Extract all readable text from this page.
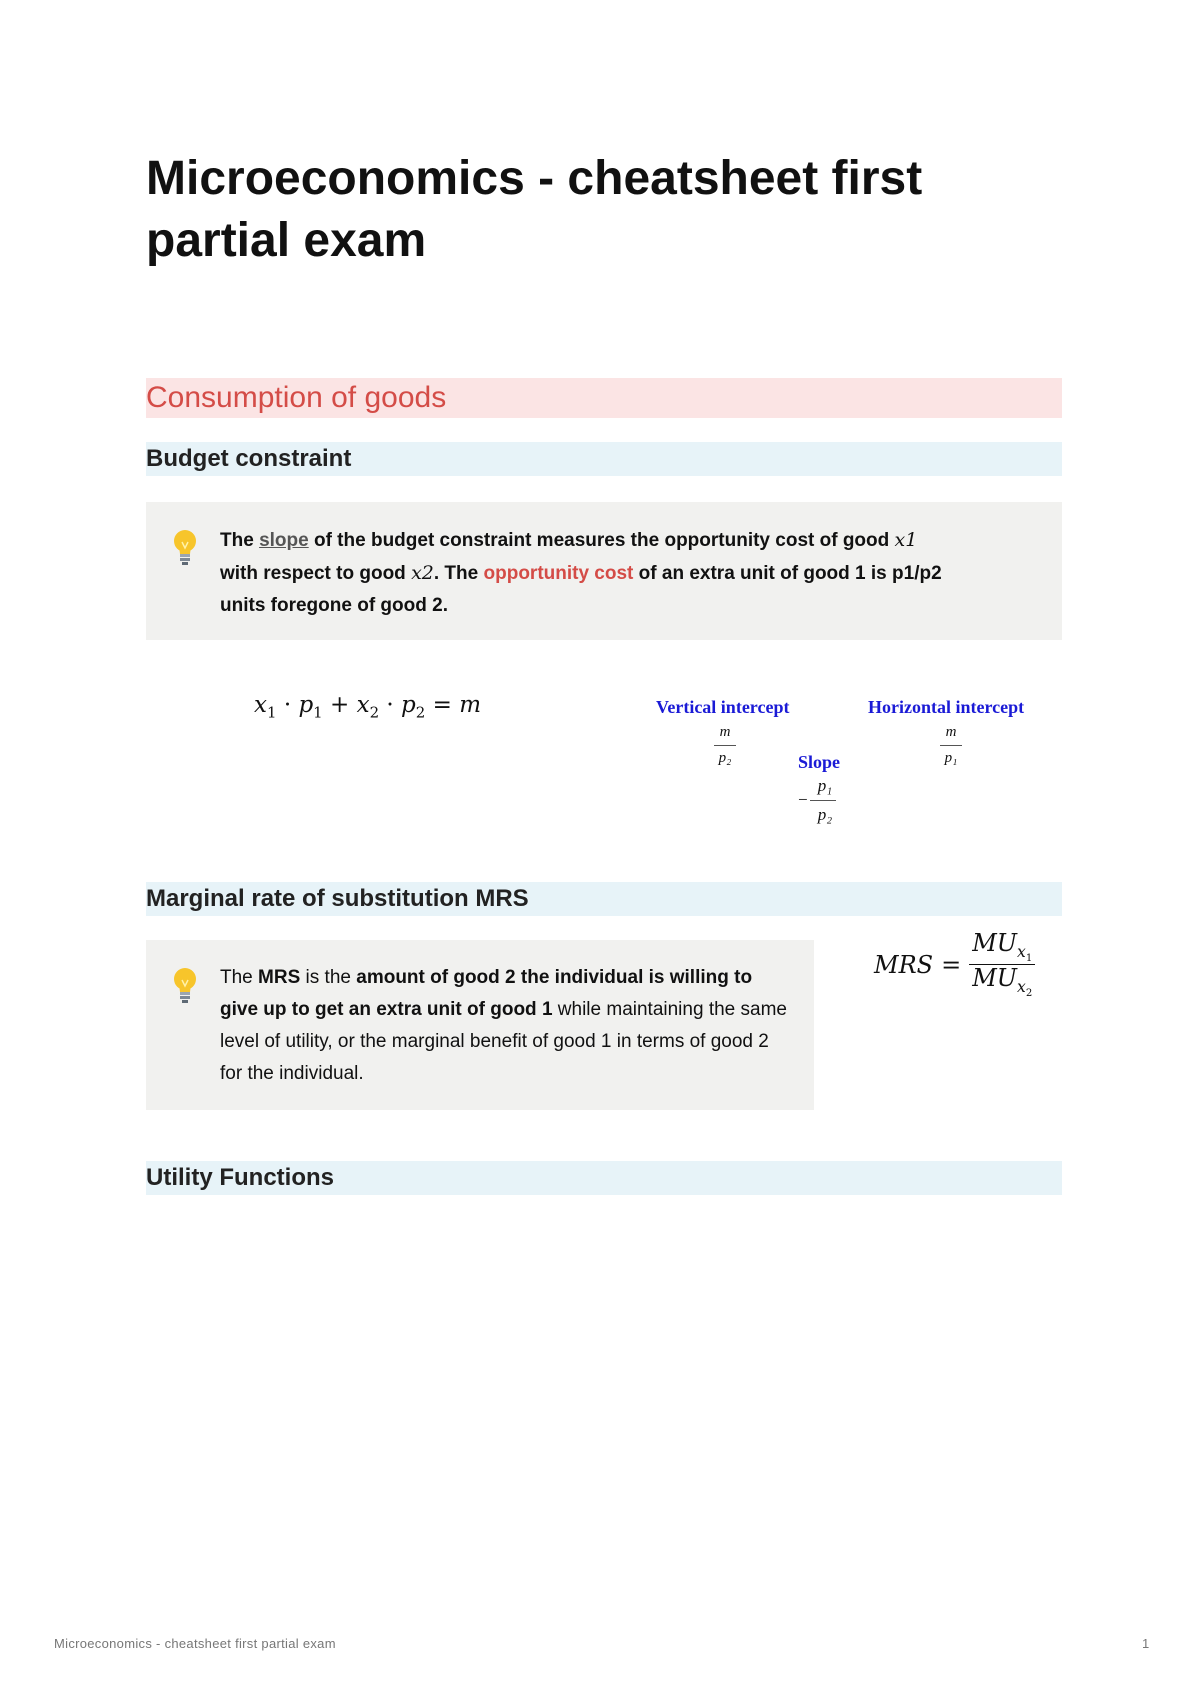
Microeconomics - cheatsheet first partial exam
Consumption of goods
Budget constraint
The slope of the budget constraint measures the opportunity cost of good x1
with respect to good x2. The opportunity cost of an extra unit of good 1 is p1/p2
units foregone of good 2.
$x_1 \cdot p_1 + x_2 \cdot p_2 = m$	Vertical intercept	Horizontal intercept
Slope
m
p₂
m
p₁
−
p₁
p₂
Marginal rate of substitution MRS
The MRS is the amount of good 2 the individual is willing to give up to get an extra unit of good 1 while maintaining the same level of utility, or the marginal benefit of good 1 in terms of good 2 for the individual.
MRS = $\frac{MU_{x_1}}{MU_{x_2}}$
Utility Functions
Microeconomics - cheatsheet first partial exam	1
